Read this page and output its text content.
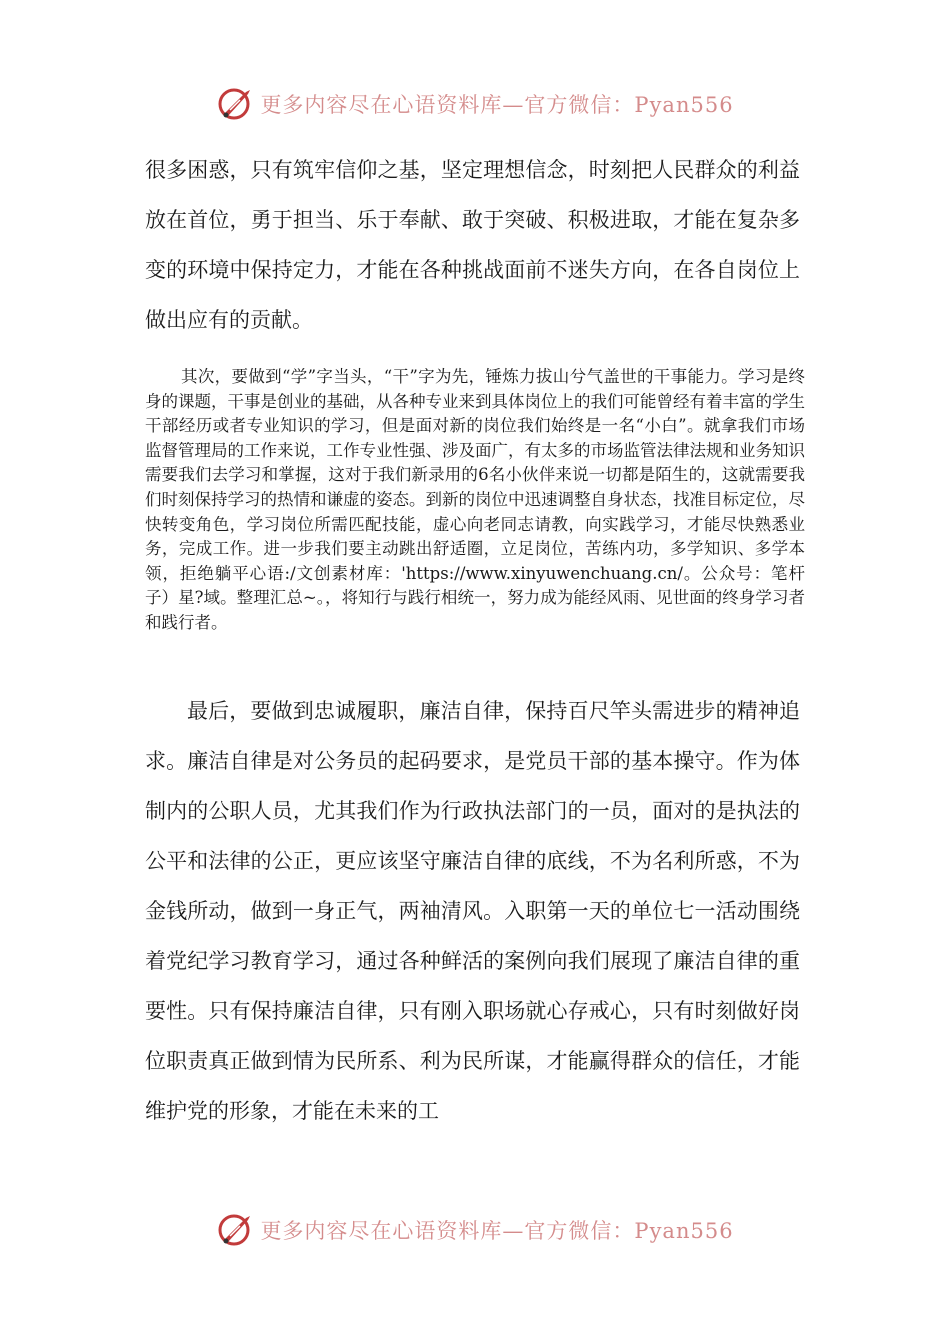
更多内容尽在心语资料库—官方微信：Pyan556

很多困惑，只有筑牢信仰之基，坚定理想信念，时刻把人民群众的利益放在首位，勇于担当、乐于奉献、敢于突破、积极进取，才能在复杂多变的环境中保持定力，才能在各种挑战面前不迷失方向，在各自岗位上做出应有的贡献。

其次，要做到“学”字当头，“干”字为先，锤炼力拔山兮气盖世的干事能力。学习是终身的课题，干事是创业的基础，从各种专业来到具体岗位上的我们可能曾经有着丰富的学生干部经历或者专业知识的学习，但是面对新的岗位我们始终是一名“小白”。就拿我们市场监督管理局的工作来说，工作专业性强、涉及面广，有太多的市场监管法律法规和业务知识需要我们去学习和掌握，这对于我们新录用的6名小伙伴来说一切都是陌生的，这就需要我们时刻保持学习的热情和谦虚的姿态。到新的岗位中迅速调整自身状态，找准目标定位，尽快转变角色，学习岗位所需匹配技能，虚心向老同志请教，向实践学习，才能尽快熟悉业务，完成工作。进一步我们要主动跳出舒适圈，立足岗位，苦练内功，多学知识、多学本领，拒绝躺平心语:/文创素材库：'https://www.xinyuwenchuang.cn/。公众号：笔杆子）星?域。整理汇总~。，将知行与践行相统一，努力成为能经风雨、见世面的终身学习者和践行者。

最后，要做到忠诚履职，廉洁自律，保持百尺竿头需进步的精神追求。廉洁自律是对公务员的起码要求，是党员干部的基本操守。作为体制内的公职人员，尤其我们作为行政执法部门的一员，面对的是执法的公平和法律的公正，更应该坚守廉洁自律的底线，不为名利所惑，不为金钱所动，做到一身正气，两袖清风。入职第一天的单位七一活动围绕着党纪学习教育学习，通过各种鲜活的案例向我们展现了廉洁自律的重要性。只有保持廉洁自律，只有刚入职场就心存戒心，只有时刻做好岗位职责真正做到情为民所系、利为民所谋，才能赢得群众的信任，才能维护党的形象，才能在未来的工

更多内容尽在心语资料库—官方微信：Pyan556
